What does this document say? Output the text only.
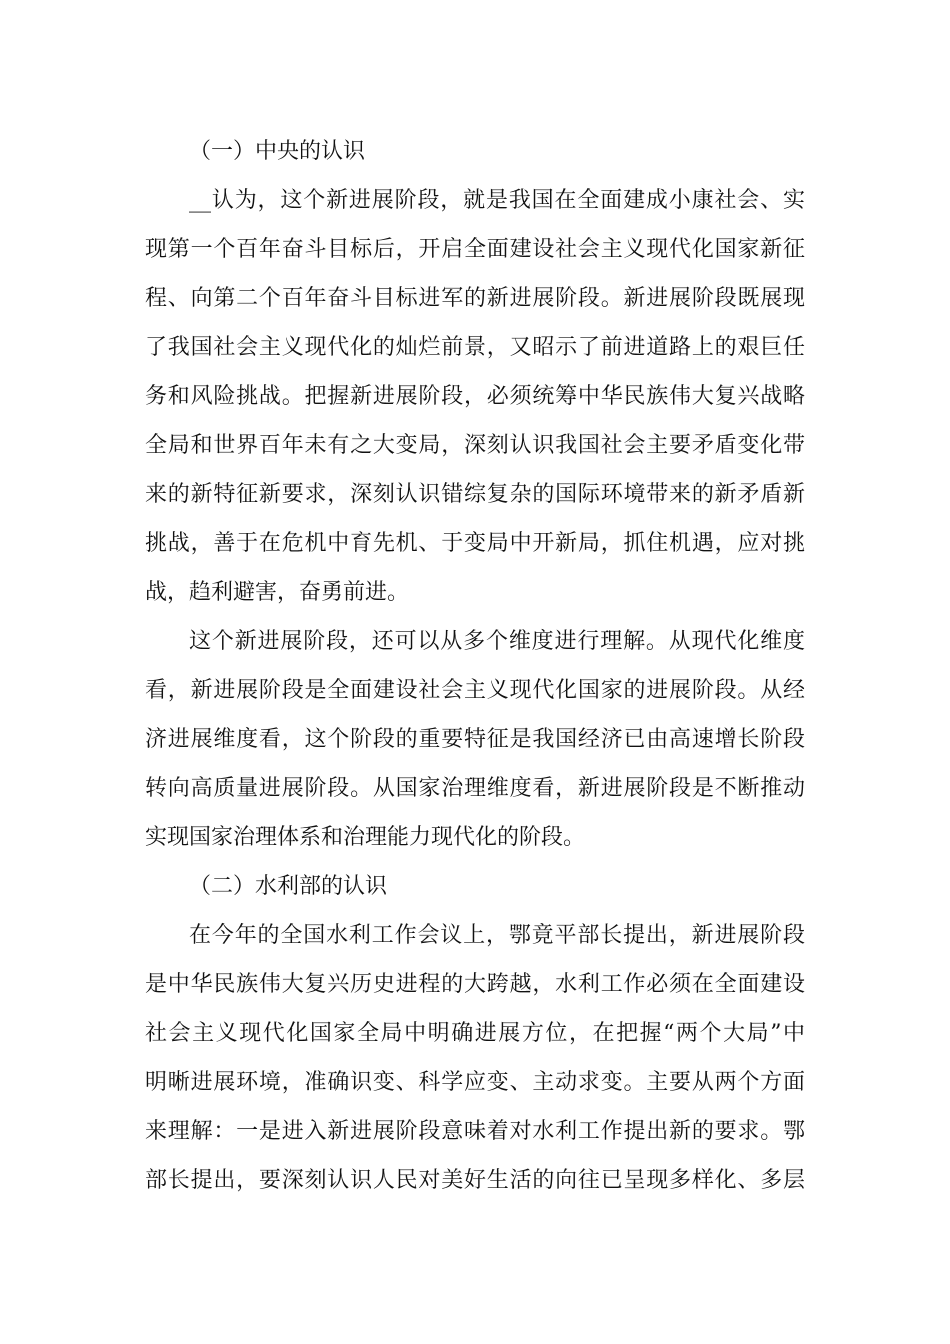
（一）中央的认识
__认为，这个新进展阶段，就是我国在全面建成小康社会、实
现第一个百年奋斗目标后，开启全面建设社会主义现代化国家新征
程、向第二个百年奋斗目标进军的新进展阶段。新进展阶段既展现
了我国社会主义现代化的灿烂前景，又昭示了前进道路上的艰巨任
务和风险挑战。把握新进展阶段，必须统筹中华民族伟大复兴战略
全局和世界百年未有之大变局，深刻认识我国社会主要矛盾变化带
来的新特征新要求，深刻认识错综复杂的国际环境带来的新矛盾新
挑战，善于在危机中育先机、于变局中开新局，抓住机遇，应对挑
战，趋利避害，奋勇前进。
这个新进展阶段，还可以从多个维度进行理解。从现代化维度
看，新进展阶段是全面建设社会主义现代化国家的进展阶段。从经
济进展维度看，这个阶段的重要特征是我国经济已由高速增长阶段
转向高质量进展阶段。从国家治理维度看，新进展阶段是不断推动
实现国家治理体系和治理能力现代化的阶段。
（二）水利部的认识
在今年的全国水利工作会议上，鄂竟平部长提出，新进展阶段
是中华民族伟大复兴历史进程的大跨越，水利工作必须在全面建设
社会主义现代化国家全局中明确进展方位，在把握“两个大局”中
明晰进展环境，准确识变、科学应变、主动求变。主要从两个方面
来理解：一是进入新进展阶段意味着对水利工作提出新的要求。鄂
部长提出，要深刻认识人民对美好生活的向往已呈现多样化、多层
